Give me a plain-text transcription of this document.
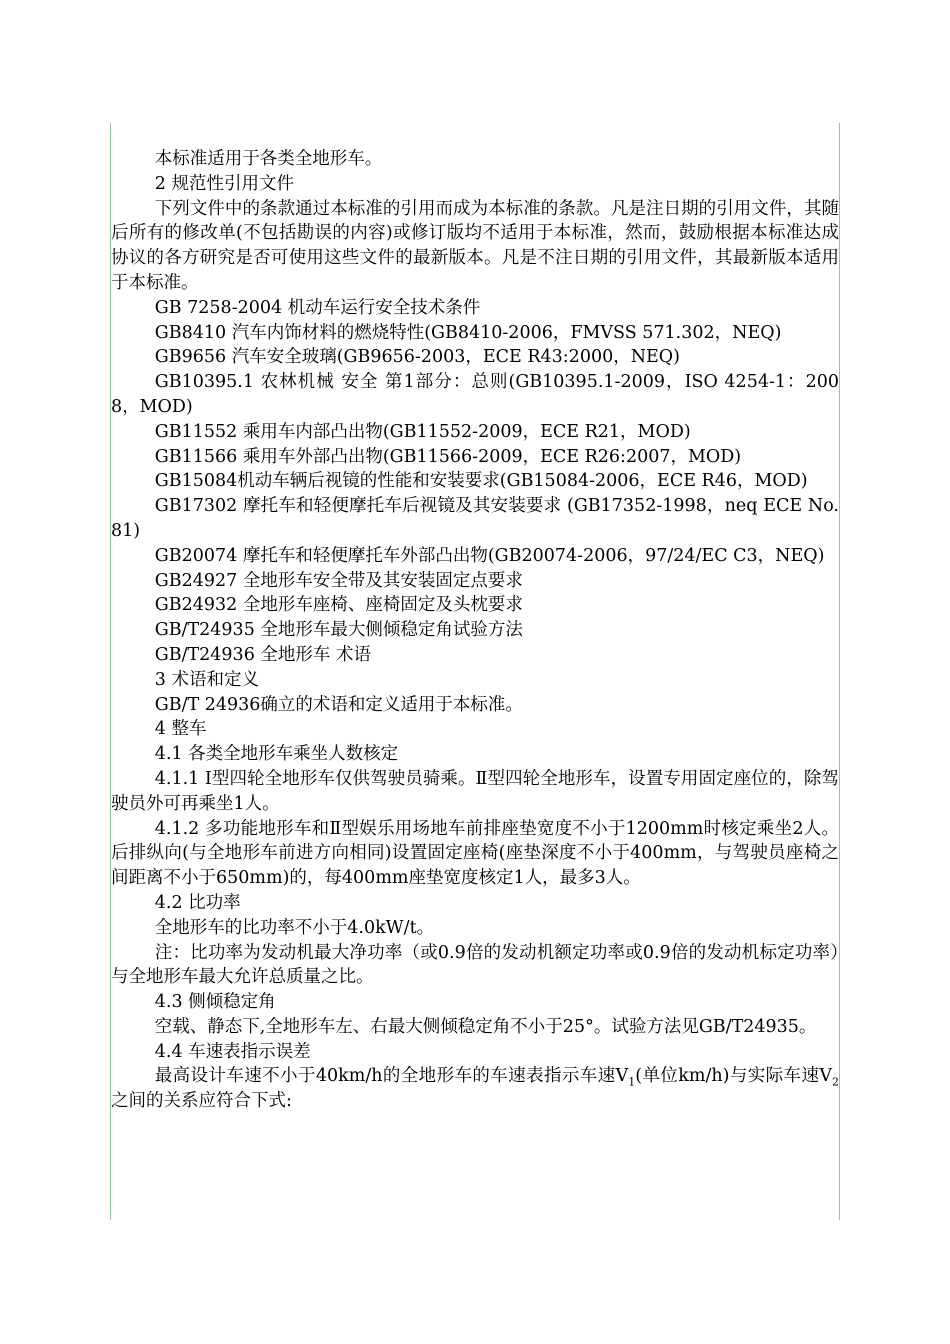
本标准适用于各类全地形车。

2 规范性引用文件

下列文件中的条款通过本标准的引用而成为本标准的条款。凡是注日期的引用文件，其随后所有的修改单(不包括勘误的内容)或修订版均不适用于本标准，然而，鼓励根据本标准达成协议的各方研究是否可使用这些文件的最新版本。凡是不注日期的引用文件，其最新版本适用于本标准。

GB 7258-2004 机动车运行安全技术条件

GB8410 汽车内饰材料的燃烧特性(GB8410-2006，FMVSS 571.302，NEQ)

GB9656 汽车安全玻璃(GB9656-2003，ECE R43:2000，NEQ)

GB10395.1 农林机械 安全 第1部分：总则(GB10395.1-2009，ISO 4254-1：2008，MOD)

GB11552 乘用车内部凸出物(GB11552-2009，ECE R21，MOD)

GB11566 乘用车外部凸出物(GB11566-2009，ECE R26:2007，MOD)

GB15084机动车辆后视镜的性能和安装要求(GB15084-2006，ECE R46，MOD)

GB17302 摩托车和轻便摩托车后视镜及其安装要求 (GB17352-1998，neq ECE No.81)

GB20074 摩托车和轻便摩托车外部凸出物(GB20074-2006，97/24/EC C3，NEQ)

GB24927 全地形车安全带及其安装固定点要求

GB24932 全地形车座椅、座椅固定及头枕要求

GB/T24935 全地形车最大侧倾稳定角试验方法

GB/T24936 全地形车 术语

3 术语和定义

GB/T 24936确立的术语和定义适用于本标准。

4 整车

4.1 各类全地形车乘坐人数核定

4.1.1 Ⅰ型四轮全地形车仅供驾驶员骑乘。Ⅱ型四轮全地形车，设置专用固定座位的，除驾驶员外可再乘坐1人。

4.1.2 多功能地形车和Ⅱ型娱乐用场地车前排座垫宽度不小于1200mm时核定乘坐2人。后排纵向(与全地形车前进方向相同)设置固定座椅(座垫深度不小于400mm，与驾驶员座椅之间距离不小于650mm)的，每400mm座垫宽度核定1人，最多3人。

4.2 比功率

全地形车的比功率不小于4.0kW/t。

注：比功率为发动机最大净功率（或0.9倍的发动机额定功率或0.9倍的发动机标定功率）与全地形车最大允许总质量之比。

4.3 侧倾稳定角

空载、静态下,全地形车左、右最大侧倾稳定角不小于25°。试验方法见GB/T24935。

4.4 车速表指示误差

最高设计车速不小于40km/h的全地形车的车速表指示车速$V_1$(单位km/h)与实际车速$V_2$之间的关系应符合下式:
